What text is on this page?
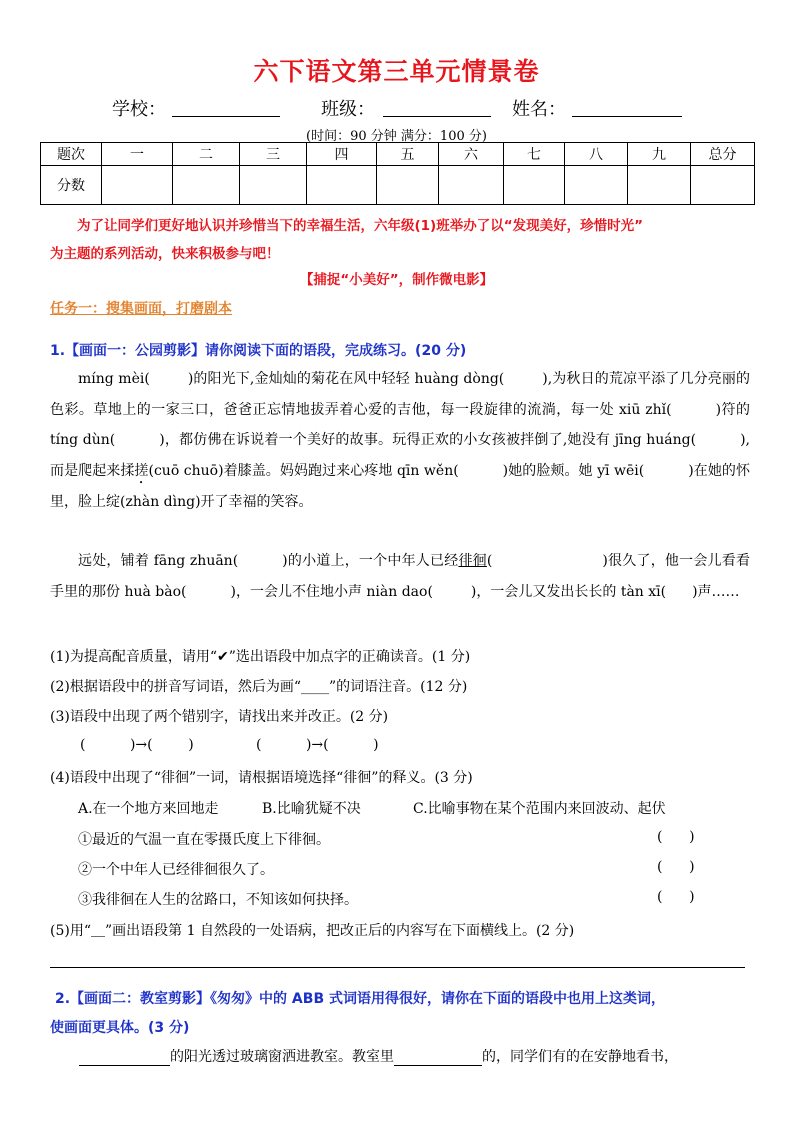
六下语文第三单元情景卷
学校：	班级：	姓名：
(时间：90 分钟 满分：100 分)
题次	一	二	三	四	五	六	七	八	九	总分
分数										
为了让同学们更好地认识并珍惜当下的幸福生活，六年级(1)班举办了以“发现美好，珍惜时光”
为主题的系列活动，快来积极参与吧！
【捕捉“小美好”，制作微电影】
任务一：搜集画面，打磨剧本
1.【画面一：公园剪影】请你阅读下面的语段，完成练习。(20 分)
míng mèi(	)的阳光下,金灿灿的菊花在风中轻轻 huàng dòng(	),为秋日的荒凉平添了几分亮丽的色彩。草地上的一家三口，爸爸正忘情地拔弄着心爱的吉他，每一段旋律的流淌，每一处 xiū zhǐ(	)符的 tíng dùn(	)，都仿佛在诉说着一个美好的故事。玩得正欢的小女孩被拌倒了,她没有 jīng huáng(	),而是爬起来揉搓(cuō chuō)着膝盖。妈妈跑过来心疼地 qīn wěn(	)她的脸颊。她 yī wēi(	)在她的怀里，脸上绽(zhàn dìng)开了幸福的笑容。
远处，铺着 fāng zhuān(	)的小道上，一个中年人已经徘徊(	)很久了，他一会儿看看手里的那份 huà bào(	)，一会儿不住地小声 niàn dao(	)，一会儿又发出长长的 tàn xī( )声……
(1)为提高配音质量，请用“✔”选出语段中加点字的正确读音。(1 分)
(2)根据语段中的拼音写词语，然后为画“____”的词语注音。(12 分)
(3)语段中出现了两个错别字，请找出来并改正。(2 分)
(          )→(        )              (          )→(          )
(4)语段中出现了“徘徊”一词，请根据语境选择“徘徊”的释义。(3 分)
A.在一个地方来回地走	B.比喻犹疑不决	C.比喻事物在某个范围内来回波动、起伏
①最近的气温一直在零摄氏度上下徘徊。	(      )
②一个中年人已经徘徊很久了。	(      )
③我徘徊在人生的岔路口，不知该如何抉择。	(      )
(5)用“＿”画出语段第 1 自然段的一处语病，把改正后的内容写在下面横线上。(2 分)
2.【画面二：教室剪影】《匆匆》中的 ABB 式词语用得很好，请你在下面的语段中也用上这类词，
使画面更具体。(3 分)
的阳光透过玻璃窗洒进教室。教室里	的，同学们有的在安静地看书，
